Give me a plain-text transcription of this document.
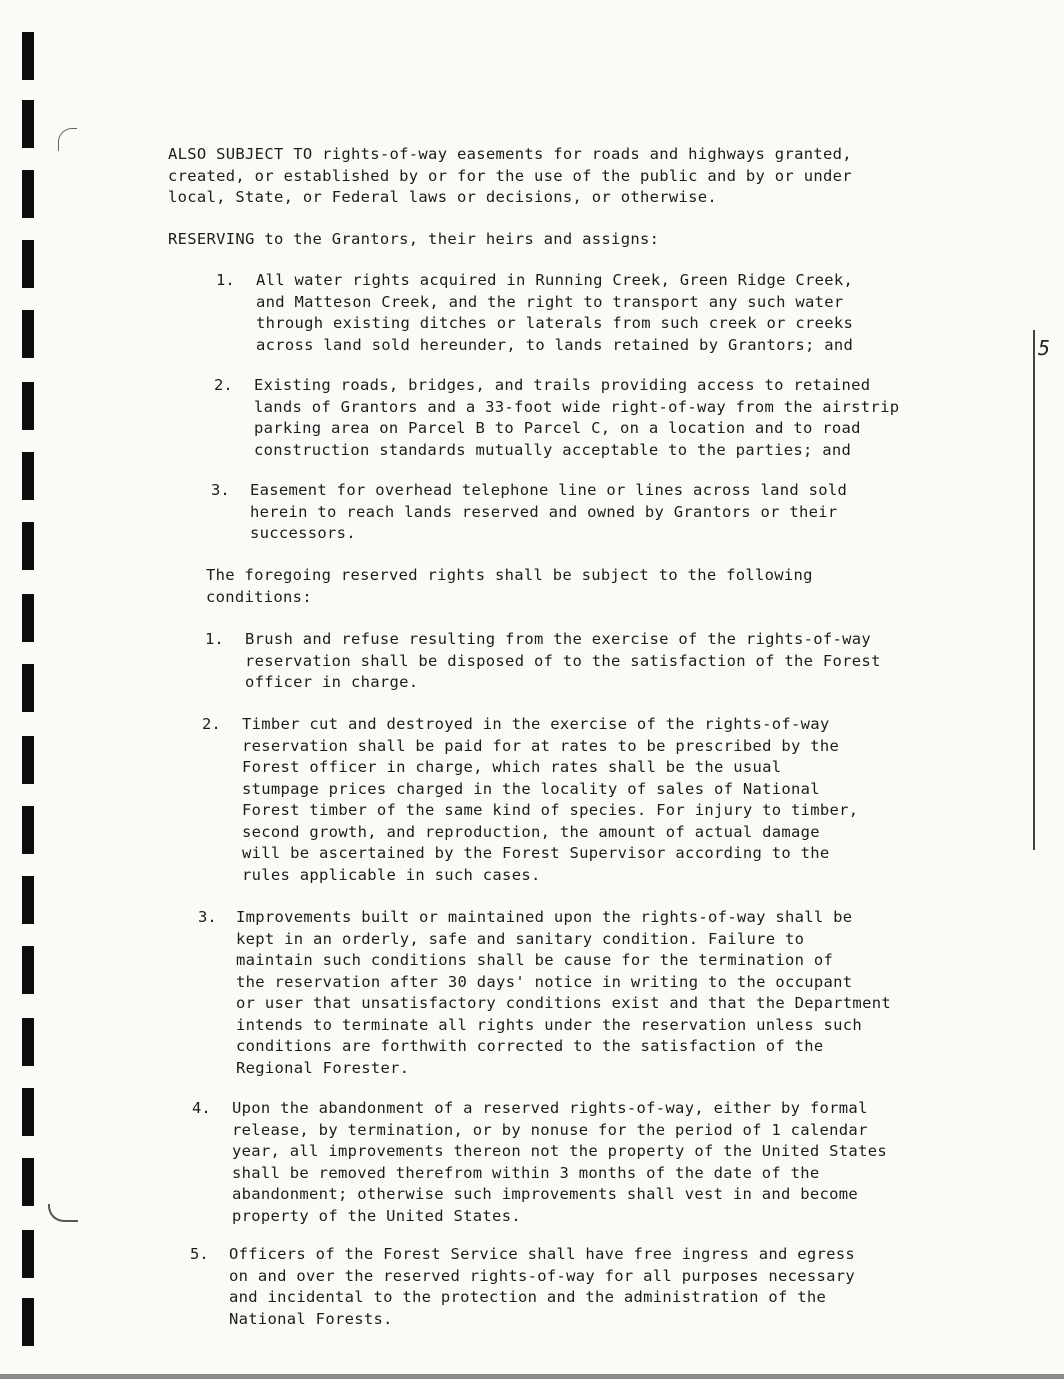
5
ALSO SUBJECT TO rights-of-way easements for roads and highways granted,
created, or established by or for the use of the public and by or under
local, State, or Federal laws or decisions, or otherwise.
RESERVING to the Grantors, their heirs and assigns:
1. All water rights acquired in Running Creek, Green Ridge Creek,
and Matteson Creek, and the right to transport any such water
through existing ditches or laterals from such creek or creeks
across land sold hereunder, to lands retained by Grantors; and
2. Existing roads, bridges, and trails providing access to retained
lands of Grantors and a 33-foot wide right-of-way from the airstrip
parking area on Parcel B to Parcel C, on a location and to road
construction standards mutually acceptable to the parties; and
3. Easement for overhead telephone line or lines across land sold
herein to reach lands reserved and owned by Grantors or their
successors.
The foregoing reserved rights shall be subject to the following
conditions:
1. Brush and refuse resulting from the exercise of the rights-of-way
reservation shall be disposed of to the satisfaction of the Forest
officer in charge.
2. Timber cut and destroyed in the exercise of the rights-of-way
reservation shall be paid for at rates to be prescribed by the
Forest officer in charge, which rates shall be the usual
stumpage prices charged in the locality of sales of National
Forest timber of the same kind of species. For injury to timber,
second growth, and reproduction, the amount of actual damage
will be ascertained by the Forest Supervisor according to the
rules applicable in such cases.
3. Improvements built or maintained upon the rights-of-way shall be
kept in an orderly, safe and sanitary condition. Failure to
maintain such conditions shall be cause for the termination of
the reservation after 30 days' notice in writing to the occupant
or user that unsatisfactory conditions exist and that the Department
intends to terminate all rights under the reservation unless such
conditions are forthwith corrected to the satisfaction of the
Regional Forester.
4. Upon the abandonment of a reserved rights-of-way, either by formal
release, by termination, or by nonuse for the period of 1 calendar
year, all improvements thereon not the property of the United States
shall be removed therefrom within 3 months of the date of the
abandonment; otherwise such improvements shall vest in and become
property of the United States.
5. Officers of the Forest Service shall have free ingress and egress
on and over the reserved rights-of-way for all purposes necessary
and incidental to the protection and the administration of the
National Forests.
